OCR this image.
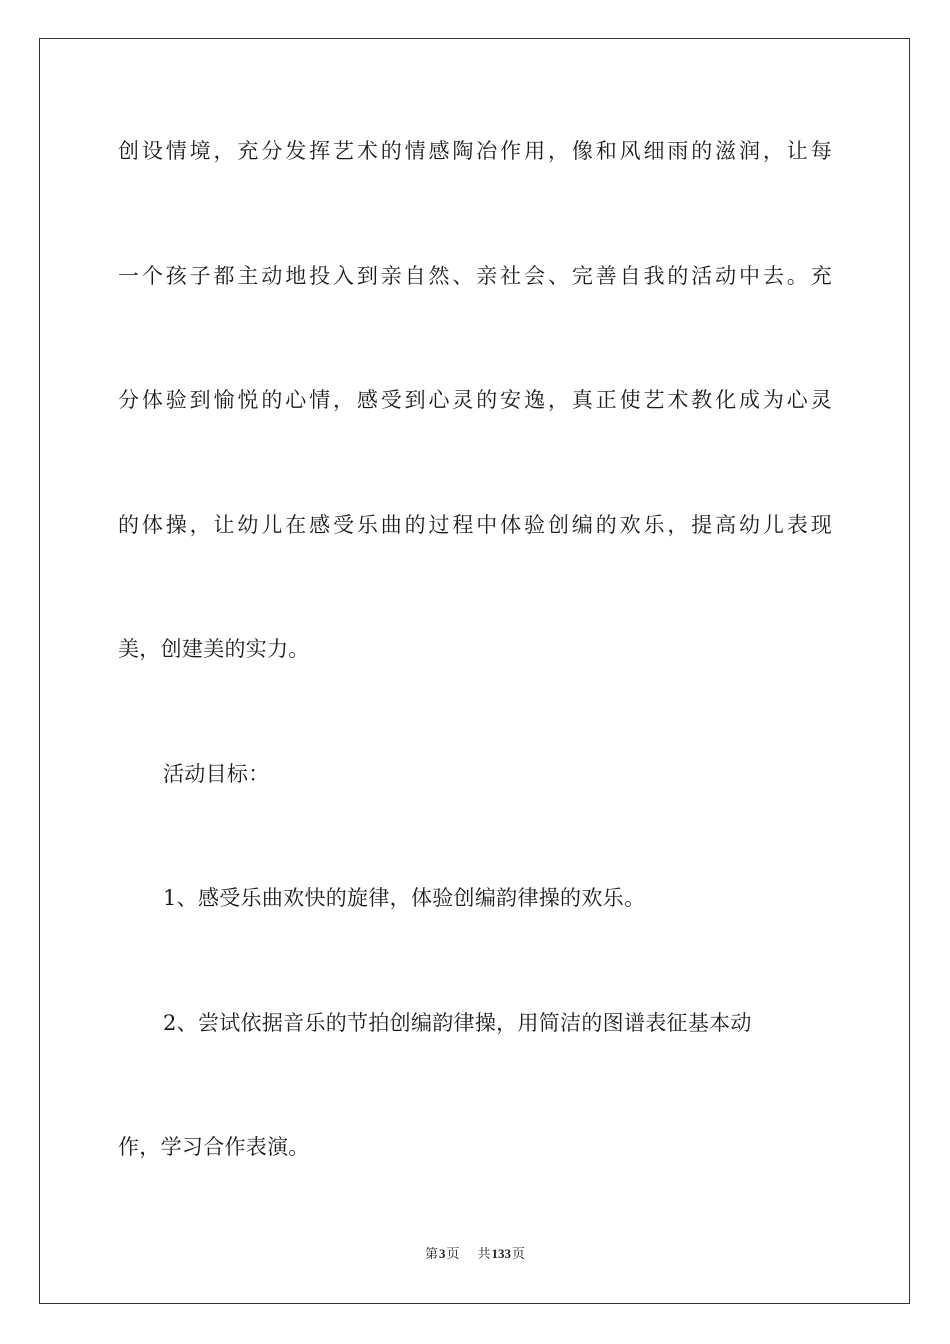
创设情境，充分发挥艺术的情感陶冶作用，像和风细雨的滋润，让每
一个孩子都主动地投入到亲自然、亲社会、完善自我的活动中去。充
分体验到愉悦的心情，感受到心灵的安逸，真正使艺术教化成为心灵
的体操，让幼儿在感受乐曲的过程中体验创编的欢乐，提高幼儿表现
美，创建美的实力。
活动目标：
1、感受乐曲欢快的旋律，体验创编韵律操的欢乐。
2、尝试依据音乐的节拍创编韵律操，用简洁的图谱表征基本动
作，学习合作表演。
第3页 共133页
